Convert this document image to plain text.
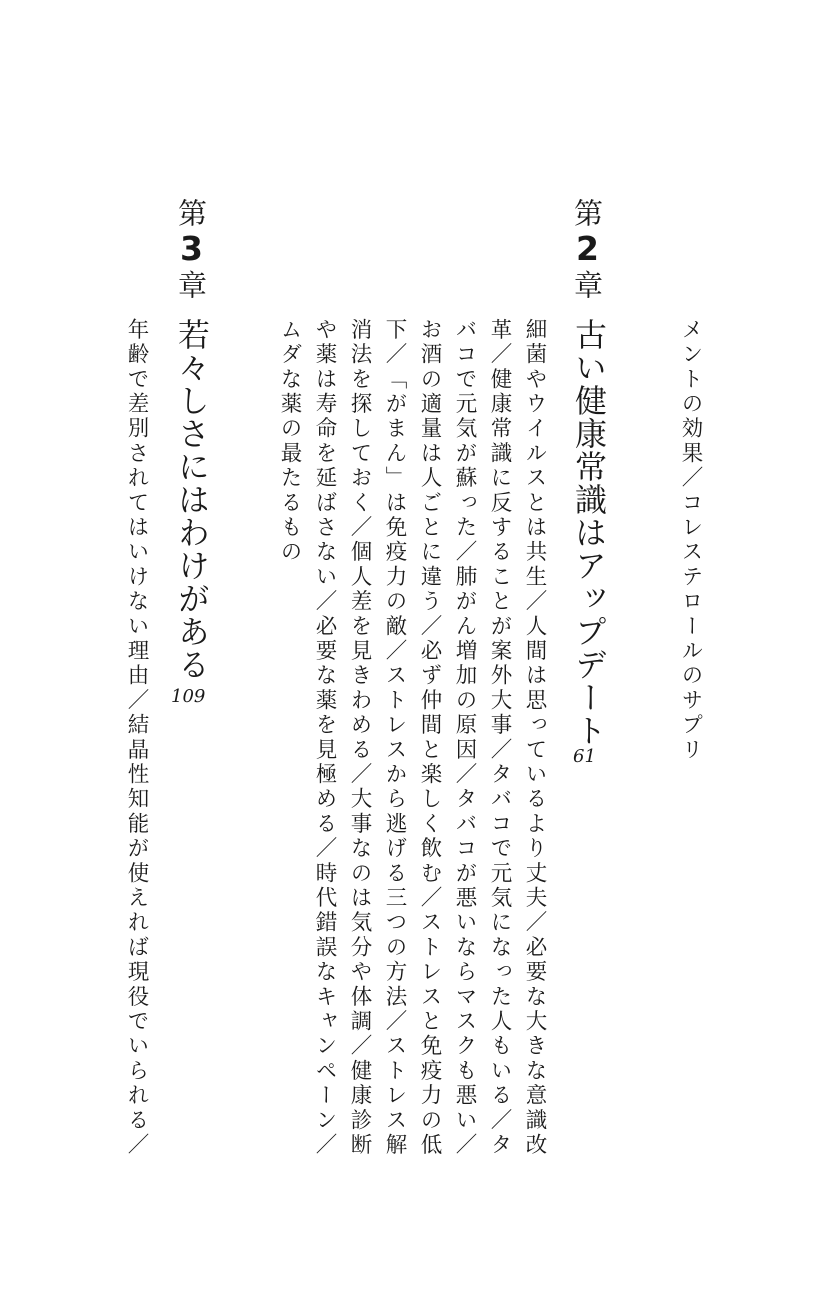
メントの効果／コレステロールのサプリ
第2章
古い健康常識はアップデート
61
細菌やウイルスとは共生／人間は思っているより丈夫／必要な大きな意識改
革／健康常識に反することが案外大事／タバコで元気になった人もいる／タ
バコで元気が蘇った／肺がん増加の原因／タバコが悪いならマスクも悪い／
お酒の適量は人ごとに違う／必ず仲間と楽しく飲む／ストレスと免疫力の低
下／「がまん」は免疫力の敵／ストレスから逃げる三つの方法／ストレス解
消法を探しておく／個人差を見きわめる／大事なのは気分や体調／健康診断
や薬は寿命を延ばさない／必要な薬を見極める／時代錯誤なキャンペーン／
ムダな薬の最たるもの
第3章
若々しさにはわけがある
109
年齢で差別されてはいけない理由／結晶性知能が使えれば現役でいられる／
